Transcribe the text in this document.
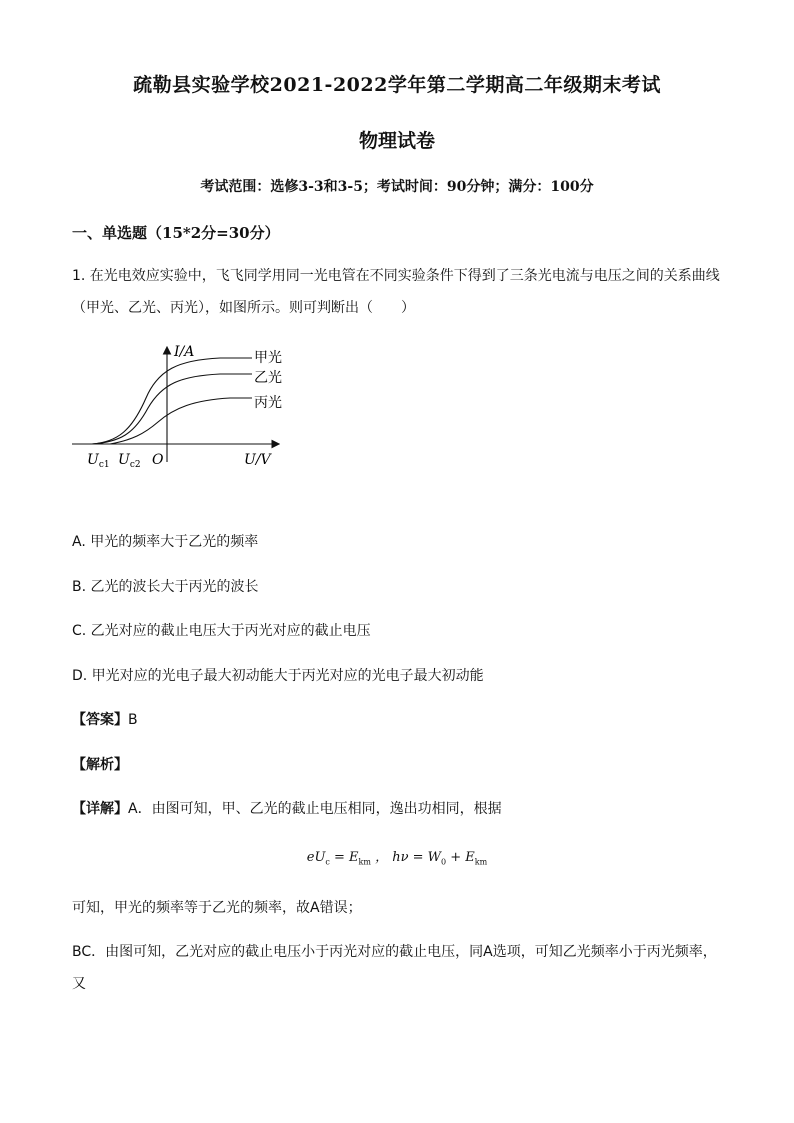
疏勒县实验学校2021-2022学年第二学期高二年级期末考试
物理试卷
考试范围：选修3-3和3-5；考试时间：90分钟；满分：100分
一、单选题（15*2分=30分）
1. 在光电效应实验中，飞飞同学用同一光电管在不同实验条件下得到了三条光电流与电压之间的关系曲线
（甲光、乙光、丙光），如图所示。则可判断出（　　）
I/A
U/V
O
$U_{c1}$ $U_{c2}$
甲光
乙光
丙光
A. 甲光的频率大于乙光的频率
B. 乙光的波长大于丙光的波长
C. 乙光对应的截止电压大于丙光对应的截止电压
D. 甲光对应的光电子最大初动能大于丙光对应的光电子最大初动能
【答案】B
【解析】
【详解】A．由图可知，甲、乙光的截止电压相同，逸出功相同，根据
$eU_c = E_{km}$ ， $h\nu = W_0 + E_{km}$
可知，甲光的频率等于乙光的频率，故A错误；
BC．由图可知，乙光对应的截止电压小于丙光对应的截止电压，同A选项，可知乙光频率小于丙光频率，
又
